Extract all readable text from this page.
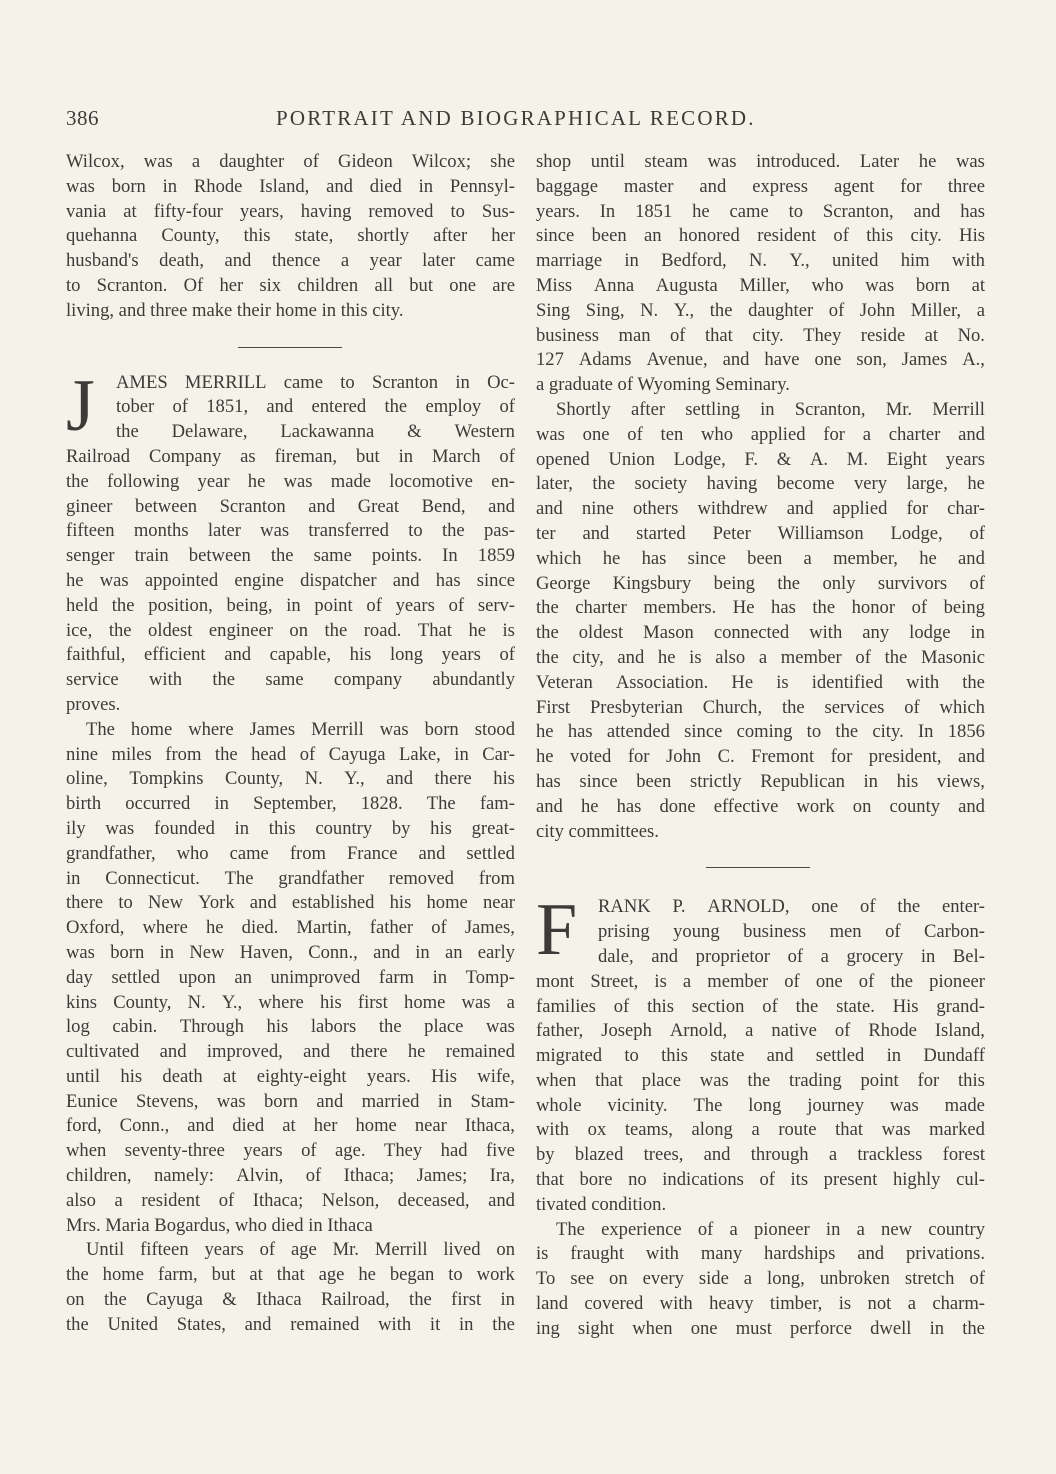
386	PORTRAIT AND BIOGRAPHICAL RECORD.
Wilcox, was a daughter of Gideon Wilcox; she
was born in Rhode Island, and died in Pennsyl-
vania at fifty-four years, having removed to Sus-
quehanna County, this state, shortly after her
husband's death, and thence a year later came
to Scranton. Of her six children all but one are
living, and three make their home in this city.
J AMES MERRILL came to Scranton in Oc-
tober of 1851, and entered the employ of
the Delaware, Lackawanna & Western
Railroad Company as fireman, but in March of
the following year he was made locomotive en-
gineer between Scranton and Great Bend, and
fifteen months later was transferred to the pas-
senger train between the same points. In 1859
he was appointed engine dispatcher and has since
held the position, being, in point of years of serv-
ice, the oldest engineer on the road. That he is
faithful, efficient and capable, his long years of
service with the same company abundantly
proves.
The home where James Merrill was born stood
nine miles from the head of Cayuga Lake, in Car-
oline, Tompkins County, N. Y., and there his
birth occurred in September, 1828. The fam-
ily was founded in this country by his great-
grandfather, who came from France and settled
in Connecticut. The grandfather removed from
there to New York and established his home near
Oxford, where he died. Martin, father of James,
was born in New Haven, Conn., and in an early
day settled upon an unimproved farm in Tomp-
kins County, N. Y., where his first home was a
log cabin. Through his labors the place was
cultivated and improved, and there he remained
until his death at eighty-eight years. His wife,
Eunice Stevens, was born and married in Stam-
ford, Conn., and died at her home near Ithaca,
when seventy-three years of age. They had five
children, namely: Alvin, of Ithaca; James; Ira,
also a resident of Ithaca; Nelson, deceased, and
Mrs. Maria Bogardus, who died in Ithaca
Until fifteen years of age Mr. Merrill lived on
the home farm, but at that age he began to work
on the Cayuga & Ithaca Railroad, the first in
the United States, and remained with it in the
shop until steam was introduced. Later he was
baggage master and express agent for three
years. In 1851 he came to Scranton, and has
since been an honored resident of this city. His
marriage in Bedford, N. Y., united him with
Miss Anna Augusta Miller, who was born at
Sing Sing, N. Y., the daughter of John Miller, a
business man of that city. They reside at No.
127 Adams Avenue, and have one son, James A.,
a graduate of Wyoming Seminary.
Shortly after settling in Scranton, Mr. Merrill
was one of ten who applied for a charter and
opened Union Lodge, F. & A. M. Eight years
later, the society having become very large, he
and nine others withdrew and applied for char-
ter and started Peter Williamson Lodge, of
which he has since been a member, he and
George Kingsbury being the only survivors of
the charter members. He has the honor of being
the oldest Mason connected with any lodge in
the city, and he is also a member of the Masonic
Veteran Association. He is identified with the
First Presbyterian Church, the services of which
he has attended since coming to the city. In 1856
he voted for John C. Fremont for president, and
has since been strictly Republican in his views,
and he has done effective work on county and
city committees.
F RANK P. ARNOLD, one of the enter-
prising young business men of Carbon-
dale, and proprietor of a grocery in Bel-
mont Street, is a member of one of the pioneer
families of this section of the state. His grand-
father, Joseph Arnold, a native of Rhode Island,
migrated to this state and settled in Dundaff
when that place was the trading point for this
whole vicinity. The long journey was made
with ox teams, along a route that was marked
by blazed trees, and through a trackless forest
that bore no indications of its present highly cul-
tivated condition.
The experience of a pioneer in a new country
is fraught with many hardships and privations.
To see on every side a long, unbroken stretch of
land covered with heavy timber, is not a charm-
ing sight when one must perforce dwell in the
